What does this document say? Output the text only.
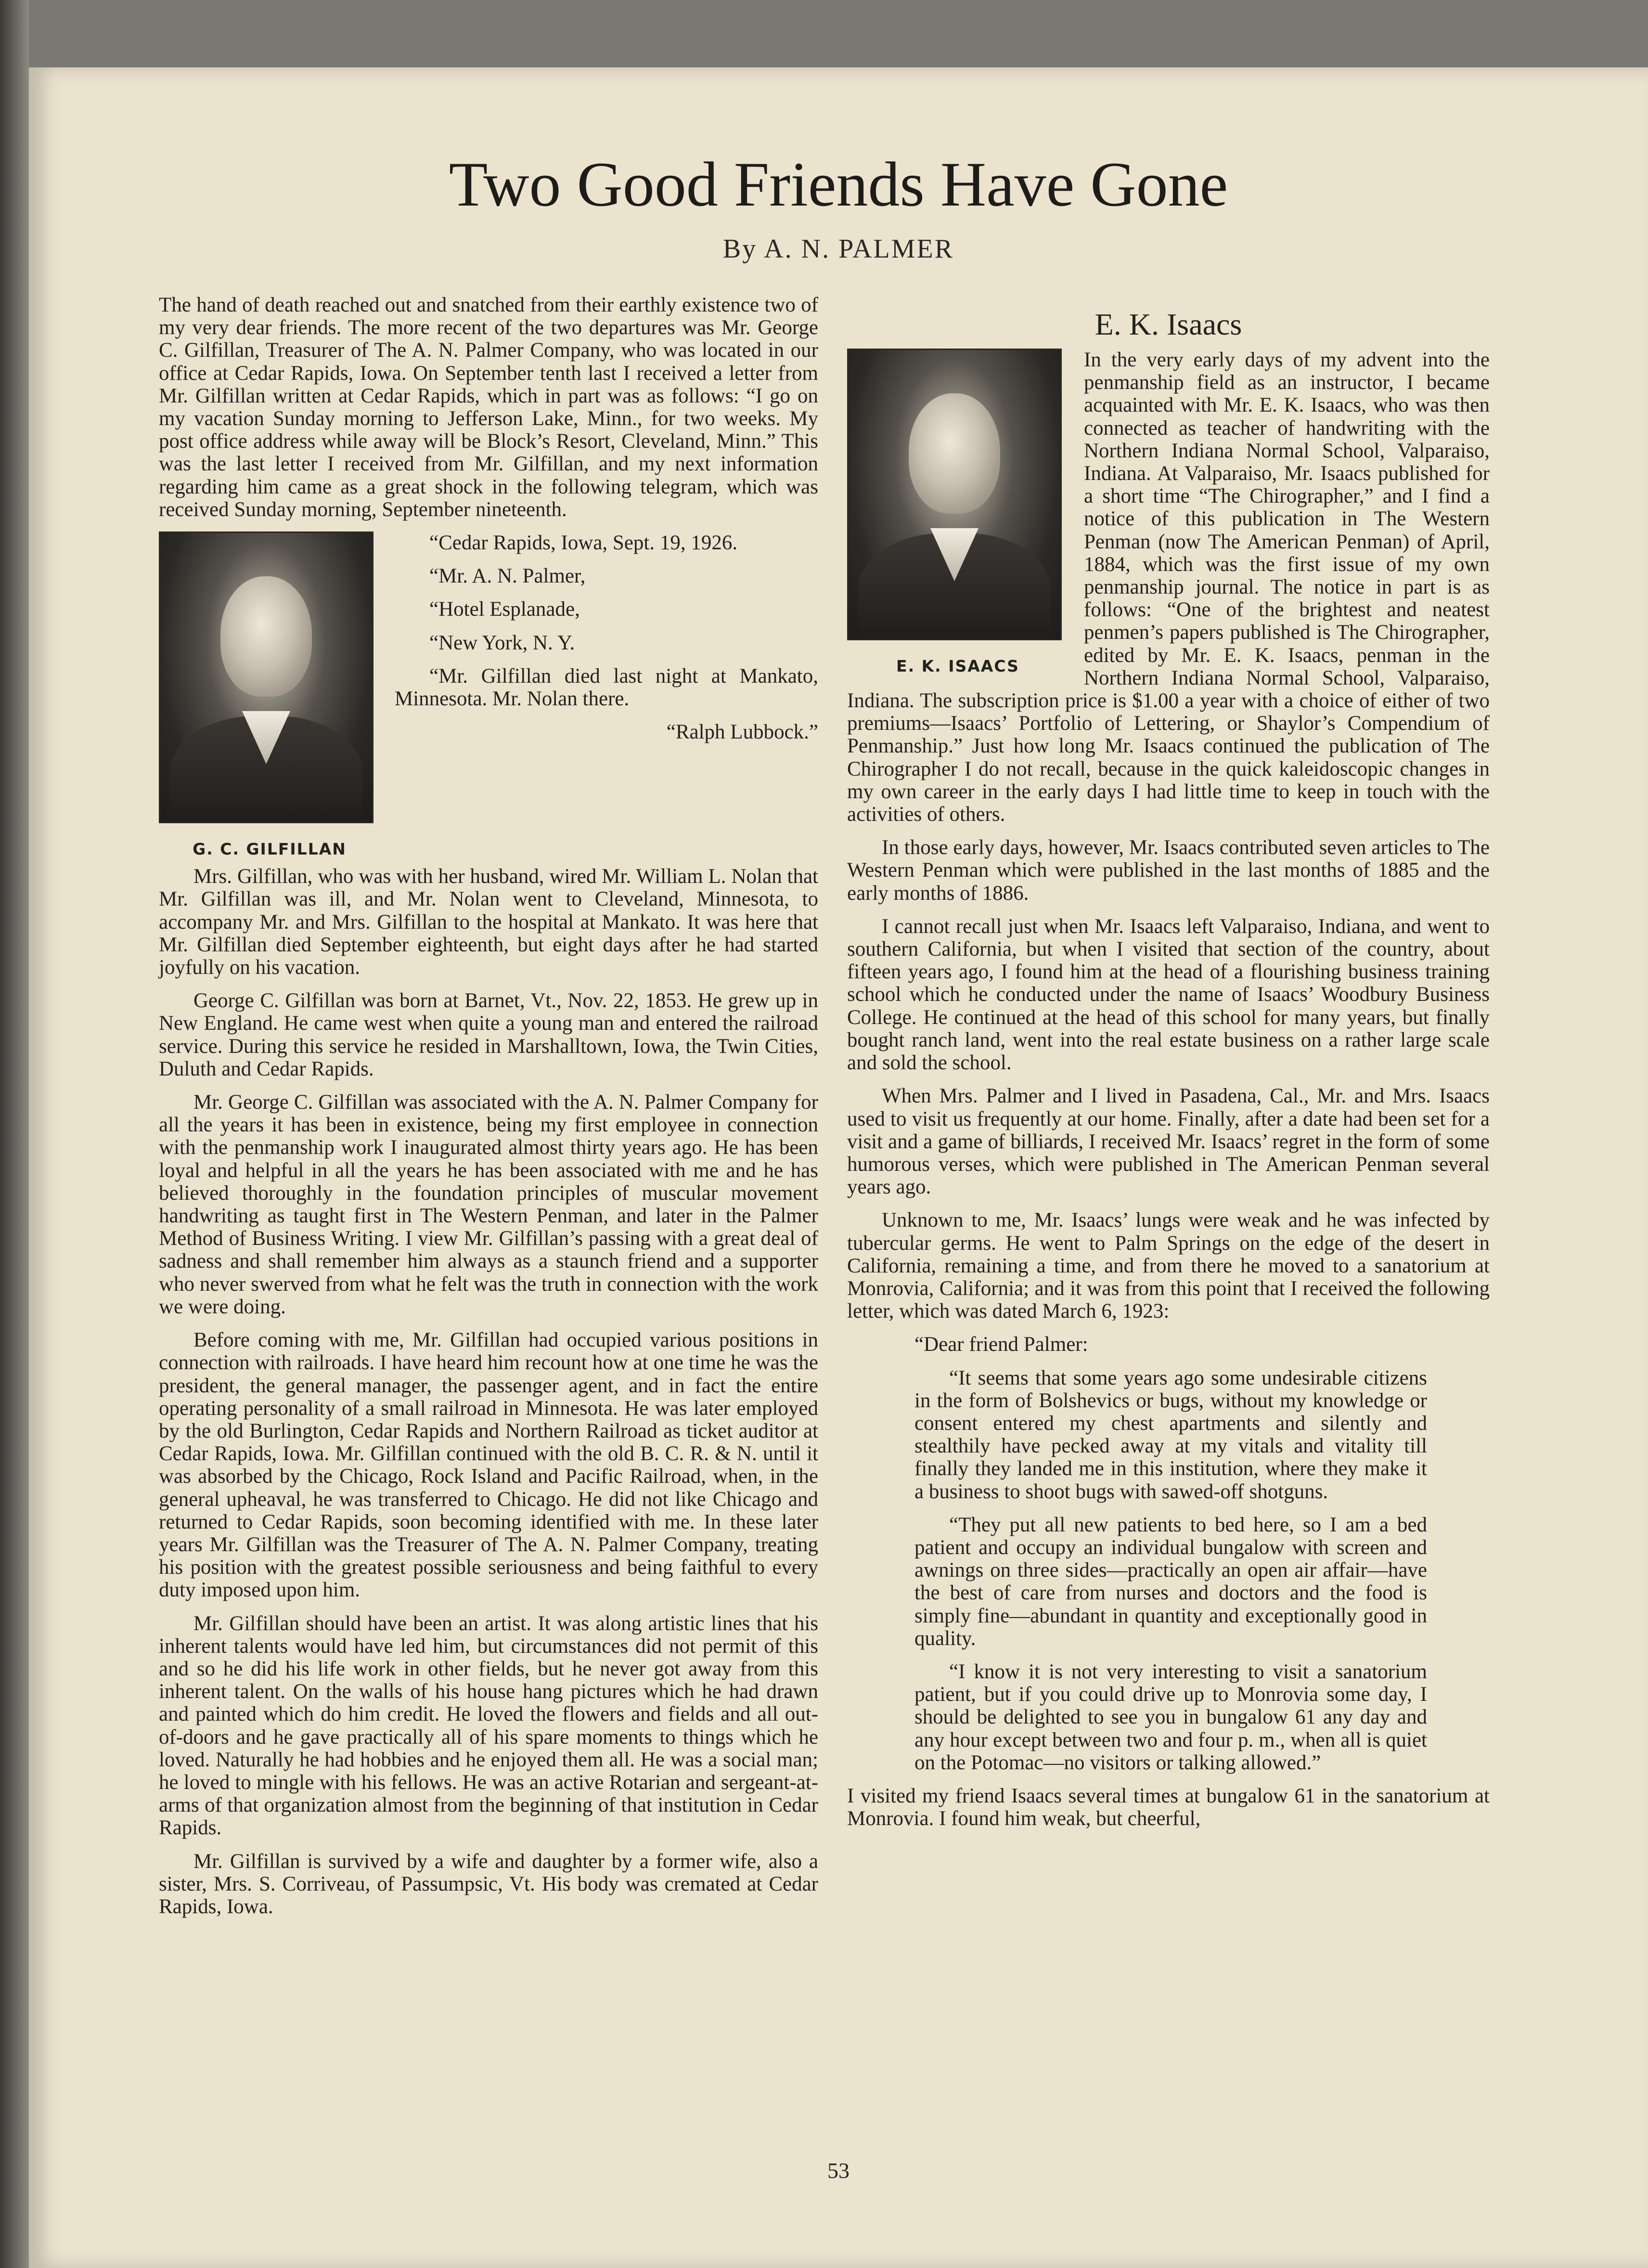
Two Good Friends Have Gone
By A. N. PALMER

The hand of death reached out and snatched from their earthly existence two of my very dear friends. The more recent of the two departures was Mr. George C. Gilfillan, Treasurer of The A. N. Palmer Company, who was located in our office at Cedar Rapids, Iowa. On September tenth last I received a letter from Mr. Gilfillan written at Cedar Rapids, which in part was as follows: “I go on my vacation Sunday morning to Jefferson Lake, Minn., for two weeks. My post office address while away will be Block’s Resort, Cleveland, Minn.” This was the last letter I received from Mr. Gilfillan, and my next information regarding him came as a great shock in the following telegram, which was received Sunday morning, September nineteenth.

G. C. GILFILLAN

“Cedar Rapids, Iowa, Sept. 19, 1926.

“Mr. A. N. Palmer,

“Hotel Esplanade,

“New York, N. Y.

“Mr. Gilfillan died last night at Mankato, Minnesota. Mr. Nolan there.

“Ralph Lubbock.”

Mrs. Gilfillan, who was with her husband, wired Mr. William L. Nolan that Mr. Gilfillan was ill, and Mr. Nolan went to Cleveland, Minnesota, to accompany Mr. and Mrs. Gilfillan to the hospital at Mankato. It was here that Mr. Gilfillan died September eighteenth, but eight days after he had started joyfully on his vacation.

George C. Gilfillan was born at Barnet, Vt., Nov. 22, 1853. He grew up in New England. He came west when quite a young man and entered the railroad service. During this service he resided in Marshalltown, Iowa, the Twin Cities, Duluth and Cedar Rapids.

Mr. George C. Gilfillan was associated with the A. N. Palmer Company for all the years it has been in existence, being my first employee in connection with the penmanship work I inaugurated almost thirty years ago. He has been loyal and helpful in all the years he has been associated with me and he has believed thoroughly in the foundation principles of muscular movement handwriting as taught first in The Western Penman, and later in the Palmer Method of Business Writing. I view Mr. Gilfillan’s passing with a great deal of sadness and shall remember him always as a staunch friend and a supporter who never swerved from what he felt was the truth in connection with the work we were doing.

Before coming with me, Mr. Gilfillan had occupied various positions in connection with railroads. I have heard him recount how at one time he was the president, the general manager, the passenger agent, and in fact the entire operating personality of a small railroad in Minnesota. He was later employed by the old Burlington, Cedar Rapids and Northern Railroad as ticket auditor at Cedar Rapids, Iowa. Mr. Gilfillan continued with the old B. C. R. & N. until it was absorbed by the Chicago, Rock Island and Pacific Railroad, when, in the general upheaval, he was transferred to Chicago. He did not like Chicago and returned to Cedar Rapids, soon becoming identified with me. In these later years Mr. Gilfillan was the Treasurer of The A. N. Palmer Company, treating his position with the greatest possible seriousness and being faithful to every duty imposed upon him.

Mr. Gilfillan should have been an artist. It was along artistic lines that his inherent talents would have led him, but circumstances did not permit of this and so he did his life work in other fields, but he never got away from this inherent talent. On the walls of his house hang pictures which he had drawn and painted which do him credit. He loved the flowers and fields and all out-of-doors and he gave practically all of his spare moments to things which he loved. Naturally he had hobbies and he enjoyed them all. He was a social man; he loved to mingle with his fellows. He was an active Rotarian and sergeant-at-arms of that organization almost from the beginning of that institution in Cedar Rapids.

Mr. Gilfillan is survived by a wife and daughter by a former wife, also a sister, Mrs. S. Corriveau, of Passumpsic, Vt. His body was cremated at Cedar Rapids, Iowa.

E. K. Isaacs

E. K. ISAACS
In the very early days of my advent into the penmanship field as an instructor, I became acquainted with Mr. E. K. Isaacs, who was then connected as teacher of handwriting with the Northern Indiana Normal School, Valparaiso, Indiana. At Valparaiso, Mr. Isaacs published for a short time “The Chirographer,” and I find a notice of this publication in The Western Penman (now The American Penman) of April, 1884, which was the first issue of my own penmanship journal. The notice in part is as follows: “One of the brightest and neatest penmen’s papers published is The Chirographer, edited by Mr. E. K. Isaacs, penman in the Northern Indiana Normal School, Valparaiso, Indiana. The subscription price is $1.00 a year with a choice of either of two premiums—Isaacs’ Portfolio of Lettering, or Shaylor’s Compendium of Penmanship.” Just how long Mr. Isaacs continued the publication of The Chirographer I do not recall, because in the quick kaleidoscopic changes in my own career in the early days I had little time to keep in touch with the activities of others.

In those early days, however, Mr. Isaacs contributed seven articles to The Western Penman which were published in the last months of 1885 and the early months of 1886.

I cannot recall just when Mr. Isaacs left Valparaiso, Indiana, and went to southern California, but when I visited that section of the country, about fifteen years ago, I found him at the head of a flourishing business training school which he conducted under the name of Isaacs’ Woodbury Business College. He continued at the head of this school for many years, but finally bought ranch land, went into the real estate business on a rather large scale and sold the school.

When Mrs. Palmer and I lived in Pasadena, Cal., Mr. and Mrs. Isaacs used to visit us frequently at our home. Finally, after a date had been set for a visit and a game of billiards, I received Mr. Isaacs’ regret in the form of some humorous verses, which were published in The American Penman several years ago.

Unknown to me, Mr. Isaacs’ lungs were weak and he was infected by tubercular germs. He went to Palm Springs on the edge of the desert in California, remaining a time, and from there he moved to a sanatorium at Monrovia, California; and it was from this point that I received the following letter, which was dated March 6, 1923:

“Dear friend Palmer:

“It seems that some years ago some undesirable citizens in the form of Bolshevics or bugs, without my knowledge or consent entered my chest apartments and silently and stealthily have pecked away at my vitals and vitality till finally they landed me in this institution, where they make it a business to shoot bugs with sawed-off shotguns.

“They put all new patients to bed here, so I am a bed patient and occupy an individual bungalow with screen and awnings on three sides—practically an open air affair—have the best of care from nurses and doctors and the food is simply fine—abundant in quantity and exceptionally good in quality.

“I know it is not very interesting to visit a sanatorium patient, but if you could drive up to Monrovia some day, I should be delighted to see you in bungalow 61 any day and any hour except between two and four p. m., when all is quiet on the Potomac—no visitors or talking allowed.”

I visited my friend Isaacs several times at bungalow 61 in the sanatorium at Monrovia. I found him weak, but cheerful,

53
